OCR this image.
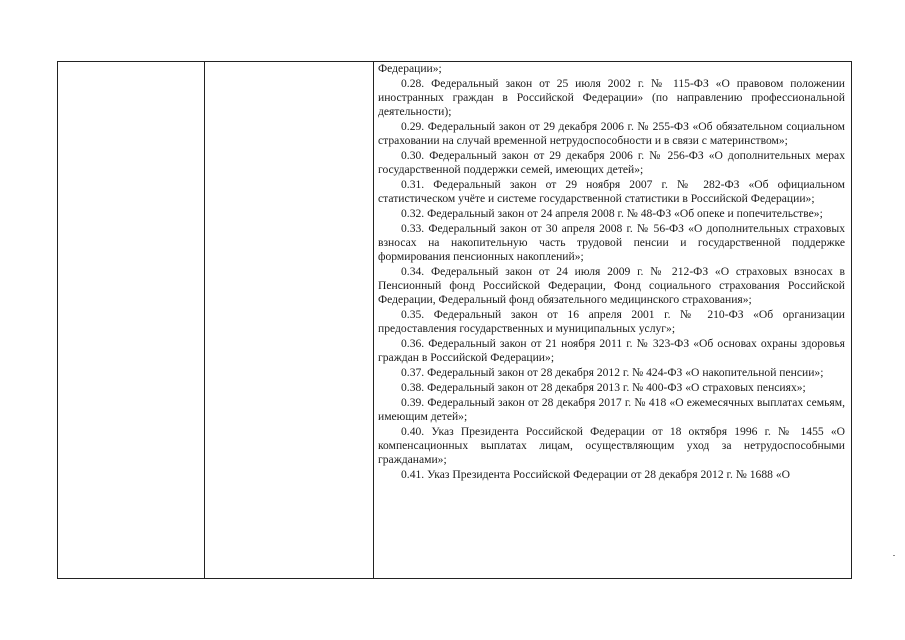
Федерации»;

0.28. Федеральный закон от 25 июля 2002 г. № 115-ФЗ «О правовом положении иностранных граждан в Российской Федерации» (по направлению профессиональной деятельности);

0.29. Федеральный закон от 29 декабря 2006 г. № 255-ФЗ «Об обязательном социальном страховании на случай временной нетрудоспособности и в связи с материнством»;

0.30. Федеральный закон от 29 декабря 2006 г. № 256-ФЗ «О дополнительных мерах государственной поддержки семей, имеющих детей»;

0.31. Федеральный закон от 29 ноября 2007 г. № 282-ФЗ «Об официальном статистическом учёте и системе государственной статистики в Российской Федерации»;

0.32. Федеральный закон от 24 апреля 2008 г. № 48-ФЗ «Об опеке и попечительстве»;

0.33. Федеральный закон от 30 апреля 2008 г. № 56-ФЗ «О дополнительных страховых взносах на накопительную часть трудовой пенсии и государственной поддержке формирования пенсионных накоплений»;

0.34. Федеральный закон от 24 июля 2009 г. № 212-ФЗ «О страховых взносах в Пенсионный фонд Российской Федерации, Фонд социального страхования Российской Федерации, Федеральный фонд обязательного медицинского страхования»;

0.35. Федеральный закон от 16 апреля 2001 г. № 210-ФЗ «Об организации предоставления государственных и муниципальных услуг»;

0.36. Федеральный закон от 21 ноября 2011 г. № 323-ФЗ «Об основах охраны здоровья граждан в Российской Федерации»;

0.37. Федеральный закон от 28 декабря 2012 г. № 424-ФЗ «О накопительной пенсии»;

0.38. Федеральный закон от 28 декабря 2013 г. № 400-ФЗ «О страховых пенсиях»;

0.39. Федеральный закон от 28 декабря 2017 г. № 418 «О ежемесячных выплатах семьям, имеющим детей»;

0.40. Указ Президента Российской Федерации от 18 октября 1996 г. № 1455 «О компенсационных выплатах лицам, осуществляющим уход за нетрудоспособными гражданами»;

0.41. Указ Президента Российской Федерации от 28 декабря 2012 г. № 1688 «О
